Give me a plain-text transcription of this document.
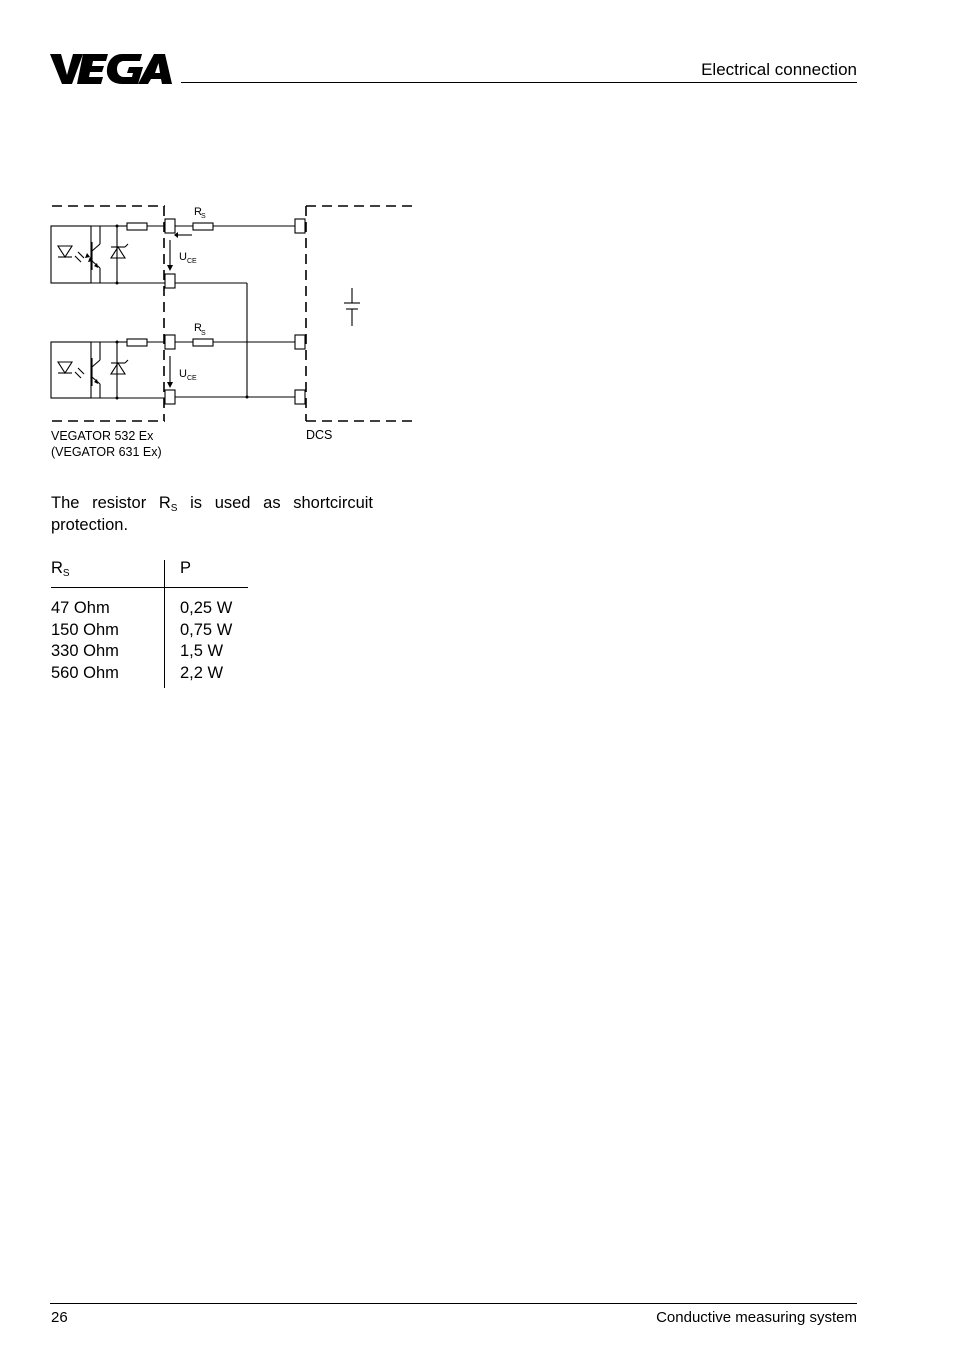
Electrical connection
R S
U CE
R S
U CE
VEGATOR 532 Ex
(VEGATOR 631 Ex)
DCS
The resistor $R_S$ is used as shortcircuit protection.
$R_S$	P
47 Ohm
150 Ohm
330 Ohm
560 Ohm
0,25 W
0,75 W
1,5 W
2,2 W
26	Conductive measuring system
